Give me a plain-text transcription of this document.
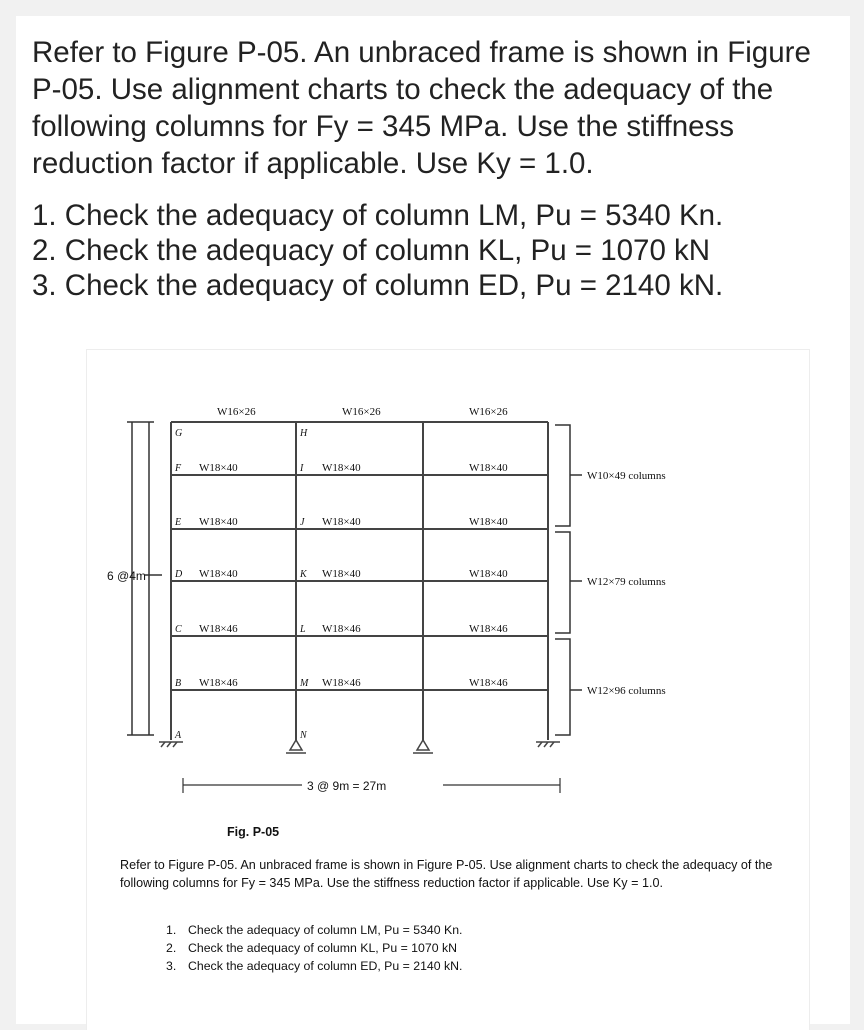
Refer to Figure P-05. An unbraced frame is shown in Figure P-05. Use alignment charts to check the adequacy of the following columns for Fy = 345 MPa. Use the stiffness reduction factor if applicable. Use Ky = 1.0.

1. Check the adequacy of column LM, Pu = 5340 Kn.
2. Check the adequacy of column KL, Pu = 1070 kN
3. Check the adequacy of column ED, Pu = 2140 kN.
6 @4m
W10×49 columns
W12×79 columns
W12×96 columns
3 @ 9m = 27m
W16×26	W16×26	W16×26
W18×40	W18×40	W18×40
W18×40	W18×40	W18×40
W18×40	W18×40	W18×40
W18×46	W18×46	W18×46
W18×46	W18×46	W18×46
G
F
E
D
C
B
A
H
I
J
K
L
M
N
Fig. P-05

Refer to Figure P-05. An unbraced frame is shown in Figure P-05. Use alignment charts to check the adequacy of the following columns for Fy = 345 MPa. Use the stiffness reduction factor if applicable. Use Ky = 1.0.

1. Check the adequacy of column LM, Pu = 5340 Kn.
2. Check the adequacy of column KL, Pu = 1070 kN
3. Check the adequacy of column ED, Pu = 2140 kN.
